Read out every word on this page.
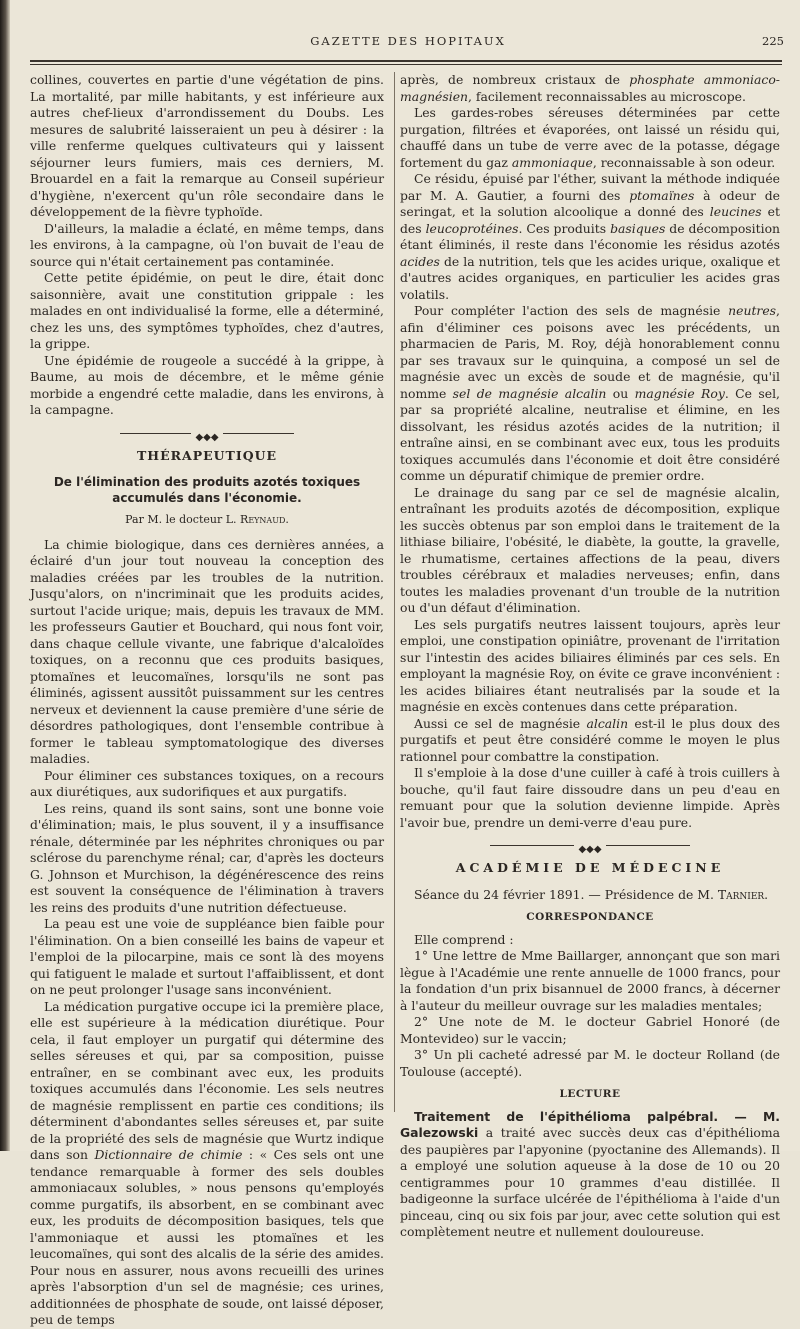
GAZETTE DES HOPITAUX	225

collines, couvertes en partie d'une végétation de pins. La mortalité, par mille habitants, y est inférieure aux autres chef-lieux d'arrondissement du Doubs. Les mesures de salubrité laisseraient un peu à désirer : la ville renferme quelques cultivateurs qui y laissent séjourner leurs fumiers, mais ces derniers, M. Brouardel en a fait la remarque au Conseil supérieur d'hygiène, n'exercent qu'un rôle secondaire dans le développement de la fièvre typhoïde.

D'ailleurs, la maladie a éclaté, en même temps, dans les environs, à la campagne, où l'on buvait de l'eau de source qui n'était certainement pas contaminée.

Cette petite épidémie, on peut le dire, était donc saisonnière, avait une constitution grippale : les malades en ont individualisé la forme, elle a déterminé, chez les uns, des symptômes typhoïdes, chez d'autres, la grippe.

Une épidémie de rougeole a succédé à la grippe, à Baume, au mois de décembre, et le même génie morbide a engendré cette maladie, dans les environs, à la campagne.

◆◆◆
THÉRAPEUTIQUE
De l'élimination des produits azotés toxiques accumulés dans l'économie.
Par M. le docteur L. Reynaud.

La chimie biologique, dans ces dernières années, a éclairé d'un jour tout nouveau la conception des maladies créées par les troubles de la nutrition. Jusqu'alors, on n'incriminait que les produits acides, surtout l'acide urique; mais, depuis les travaux de MM. les professeurs Gautier et Bouchard, qui nous font voir, dans chaque cellule vivante, une fabrique d'alcaloïdes toxiques, on a reconnu que ces produits basiques, ptomaïnes et leucomaïnes, lorsqu'ils ne sont pas éliminés, agissent aussitôt puissamment sur les centres nerveux et deviennent la cause première d'une série de désordres pathologiques, dont l'ensemble contribue à former le tableau symptomatologique des diverses maladies.

Pour éliminer ces substances toxiques, on a recours aux diurétiques, aux sudorifiques et aux purgatifs.

Les reins, quand ils sont sains, sont une bonne voie d'élimination; mais, le plus souvent, il y a insuffisance rénale, déterminée par les néphrites chroniques ou par sclérose du parenchyme rénal; car, d'après les docteurs G. Johnson et Murchison, la dégénérescence des reins est souvent la conséquence de l'élimination à travers les reins des produits d'une nutrition défectueuse.

La peau est une voie de suppléance bien faible pour l'élimination. On a bien conseillé les bains de vapeur et l'emploi de la pilocarpine, mais ce sont là des moyens qui fatiguent le malade et surtout l'affaiblissent, et dont on ne peut prolonger l'usage sans inconvénient.

La médication purgative occupe ici la première place, elle est supérieure à la médication diurétique. Pour cela, il faut employer un purgatif qui détermine des selles séreuses et qui, par sa composition, puisse entraîner, en se combinant avec eux, les produits toxiques accumulés dans l'économie. Les sels neutres de magnésie remplissent en partie ces conditions; ils déterminent d'abondantes selles séreuses et, par suite de la propriété des sels de magnésie que Wurtz indique dans son Dictionnaire de chimie : « Ces sels ont une tendance remarquable à former des sels doubles ammoniacaux solubles, » nous pensons qu'employés comme purgatifs, ils absorbent, en se combinant avec eux, les produits de décomposition basiques, tels que l'ammoniaque et aussi les ptomaïnes et les leucomaïnes, qui sont des alcalis de la série des amides. Pour nous en assurer, nous avons recueilli des urines après l'absorption d'un sel de magnésie; ces urines, additionnées de phosphate de soude, ont laissé déposer, peu de temps

après, de nombreux cristaux de phosphate ammoniaco-magnésien, facilement reconnaissables au microscope.

Les gardes-robes séreuses déterminées par cette purgation, filtrées et évaporées, ont laissé un résidu qui, chauffé dans un tube de verre avec de la potasse, dégage fortement du gaz ammoniaque, reconnaissable à son odeur.

Ce résidu, épuisé par l'éther, suivant la méthode indiquée par M. A. Gautier, a fourni des ptomaïnes à odeur de seringat, et la solution alcoolique a donné des leucines et des leucoprotéines. Ces produits basiques de décomposition étant éliminés, il reste dans l'économie les résidus azotés acides de la nutrition, tels que les acides urique, oxalique et d'autres acides organiques, en particulier les acides gras volatils.

Pour compléter l'action des sels de magnésie neutres, afin d'éliminer ces poisons avec les précédents, un pharmacien de Paris, M. Roy, déjà honorablement connu par ses travaux sur le quinquina, a composé un sel de magnésie avec un excès de soude et de magnésie, qu'il nomme sel de magnésie alcalin ou magnésie Roy. Ce sel, par sa propriété alcaline, neutralise et élimine, en les dissolvant, les résidus azotés acides de la nutrition; il entraîne ainsi, en se combinant avec eux, tous les produits toxiques accumulés dans l'économie et doit être considéré comme un dépuratif chimique de premier ordre.

Le drainage du sang par ce sel de magnésie alcalin, entraînant les produits azotés de décomposition, explique les succès obtenus par son emploi dans le traitement de la lithiase biliaire, l'obésité, le diabète, la goutte, la gravelle, le rhumatisme, certaines affections de la peau, divers troubles cérébraux et maladies nerveuses; enfin, dans toutes les maladies provenant d'un trouble de la nutrition ou d'un défaut d'élimination.

Les sels purgatifs neutres laissent toujours, après leur emploi, une constipation opiniâtre, provenant de l'irritation sur l'intestin des acides biliaires éliminés par ces sels. En employant la magnésie Roy, on évite ce grave inconvénient : les acides biliaires étant neutralisés par la soude et la magnésie en excès contenues dans cette préparation.

Aussi ce sel de magnésie alcalin est-il le plus doux des purgatifs et peut être considéré comme le moyen le plus rationnel pour combattre la constipation.

Il s'emploie à la dose d'une cuiller à café à trois cuillers à bouche, qu'il faut faire dissoudre dans un peu d'eau en remuant pour que la solution devienne limpide. Après l'avoir bue, prendre un demi-verre d'eau pure.

◆◆◆
ACADÉMIE DE MÉDECINE

Séance du 24 février 1891. — Présidence de M. Tarnier.

CORRESPONDANCE

Elle comprend :

1° Une lettre de Mme Baillarger, annonçant que son mari lègue à l'Académie une rente annuelle de 1000 francs, pour la fondation d'un prix bisannuel de 2000 francs, à décerner à l'auteur du meilleur ouvrage sur les maladies mentales;

2° Une note de M. le docteur Gabriel Honoré (de Montevideo) sur le vaccin;

3° Un pli cacheté adressé par M. le docteur Rolland (de Toulouse (accepté).

LECTURE

Traitement de l'épithélioma palpébral. — M. Galezowski a traité avec succès deux cas d'épithélioma des paupières par l'apyonine (pyoctanine des Allemands). Il a employé une solution aqueuse à la dose de 10 ou 20 centigrammes pour 10 grammes d'eau distillée. Il badigeonne la surface ulcérée de l'épithélioma à l'aide d'un pinceau, cinq ou six fois par jour, avec cette solution qui est complètement neutre et nullement douloureuse.
